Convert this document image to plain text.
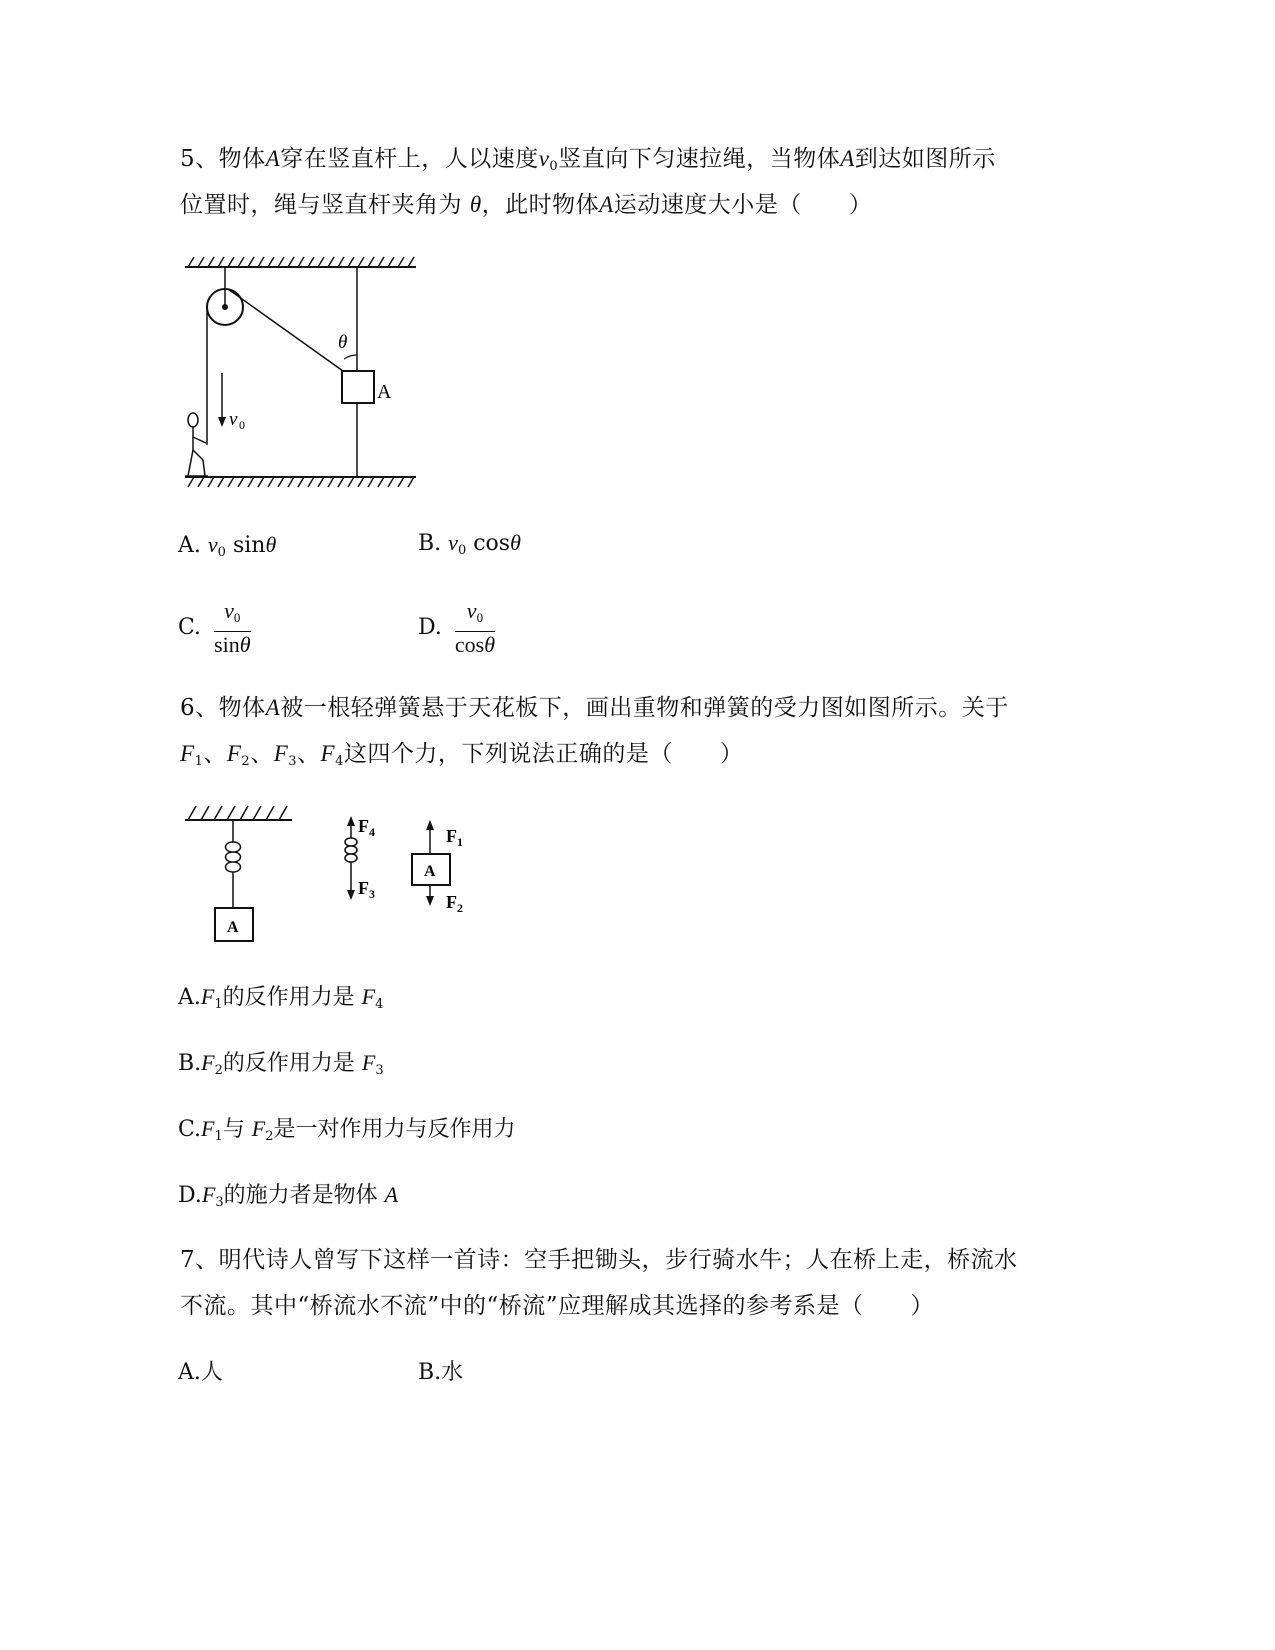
5、物体A穿在竖直杆上，人以速度$v_0$竖直向下匀速拉绳，当物体A到达如图所示
位置时，绳与竖直杆夹角为 θ，此时物体A运动速度大小是（　　）
A
θ
v 0
A. $v_0$ sinθ	B. $v_0$ cosθ
C. $\frac{v_0}{\sin\theta}$	D. $\frac{v_0}{\cos\theta}$
6、物体A被一根轻弹簧悬于天花板下，画出重物和弹簧的受力图如图所示。关于
$F_1$、$F_2$、$F_3$、$F_4$这四个力，下列说法正确的是（　　）
A
$F_4$
$F_3$
A
$F_1$
$F_2$
$A.F_1$的反作用力是 $F_4$
$B.F_2$的反作用力是 $F_3$
$C.F_1$与 $F_2$是一对作用力与反作用力
$D.F_3$的施力者是物体 A
7、明代诗人曾写下这样一首诗：空手把锄头，步行骑水牛；人在桥上走，桥流水
不流。其中“桥流水不流”中的“桥流”应理解成其选择的参考系是（　　）
A.人	B.水
